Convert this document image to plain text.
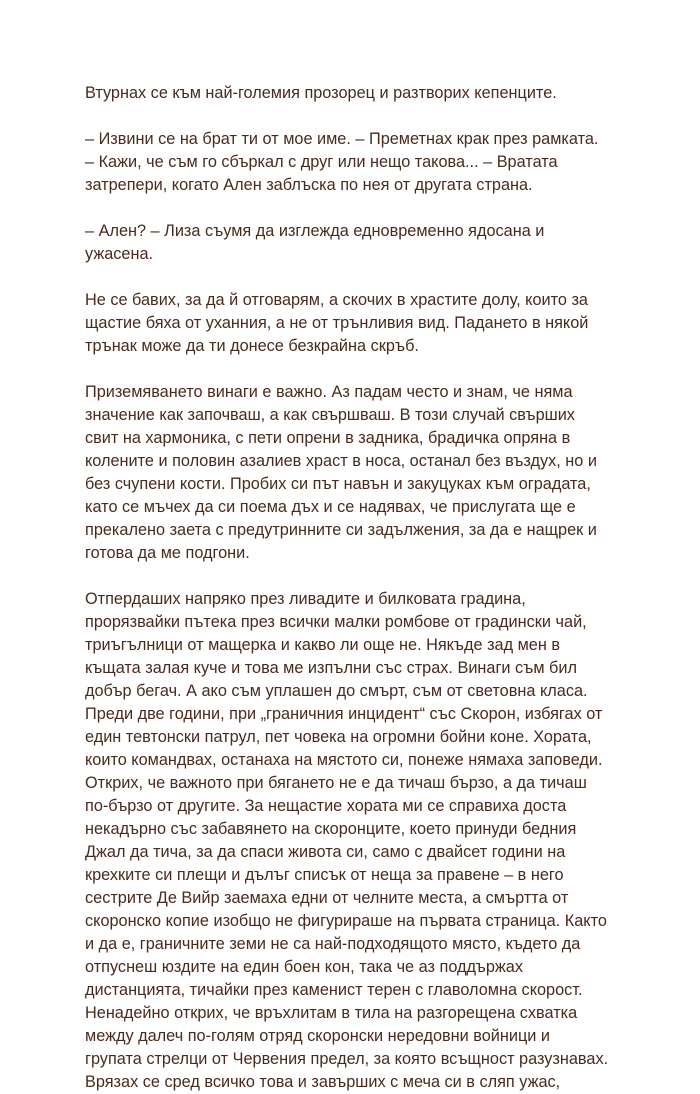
Втурнах се към най-големия прозорец и разтворих кепенците.

– Извини се на брат ти от мое име. – Преметнах крак през рамката.
– Кажи, че съм го сбъркал с друг или нещо такова... – Вратата
затрепери, когато Ален заблъска по нея от другата страна.

– Ален? – Лиза съумя да изглежда едновременно ядосана и
ужасена.

Не се бавих, за да й отговарям, а скочих в храстите долу, които за
щастие бяха от уханния, а не от трънливия вид. Падането в някой
трънак може да ти донесе безкрайна скръб.

Приземяването винаги е важно. Аз падам често и знам, че няма
значение как започваш, а как свършваш. В този случай свърших
свит на хармоника, с пети опрени в задника, брадичка опряна в
колените и половин азалиев храст в носа, останал без въздух, но и
без счупени кости. Пробих си път навън и закуцуках към оградата,
като се мъчех да си поема дъх и се надявах, че прислугата ще е
прекалено заета с предутринните си задължения, за да е нащрек и
готова да ме подгони.

Отпердаших напряко през ливадите и билковата градина,
прорязвайки пътека през всички малки ромбове от градински чай,
триъгълници от мащерка и какво ли още не. Някъде зад мен в
къщата залая куче и това ме изпълни със страх. Винаги съм бил
добър бегач. А ако съм уплашен до смърт, съм от световна класа.
Преди две години, при „граничния инцидент“ със Скорон, избягах от
един тевтонски патрул, пет човека на огромни бойни коне. Хората,
които командвах, останаха на мястото си, понеже нямаха заповеди.
Открих, че важното при бягането не е да тичаш бързо, а да тичаш
по-бързо от другите. За нещастие хората ми се справиха доста
некадърно със забавянето на скоронците, което принуди бедния
Джал да тича, за да спаси живота си, само с двайсет години на
крехките си плещи и дълъг списък от неща за правене – в него
сестрите Де Вийр заемаха едни от челните места, а смъртта от
скоронско копие изобщо не фигурираше на първата страница. Както
и да е, граничните земи не са най-подходящото място, където да
отпуснеш юздите на един боен кон, така че аз поддържах
дистанцията, тичайки през каменист терен с главоломна скорост.
Ненадейно открих, че връхлитам в тила на разгорещена схватка
между далеч по-голям отряд скоронски нередовни войници и
групата стрелци от Червения предел, за която всъщност разузнавах.
Врязах се сред всичко това и завърших с меча си в сляп ужас,
